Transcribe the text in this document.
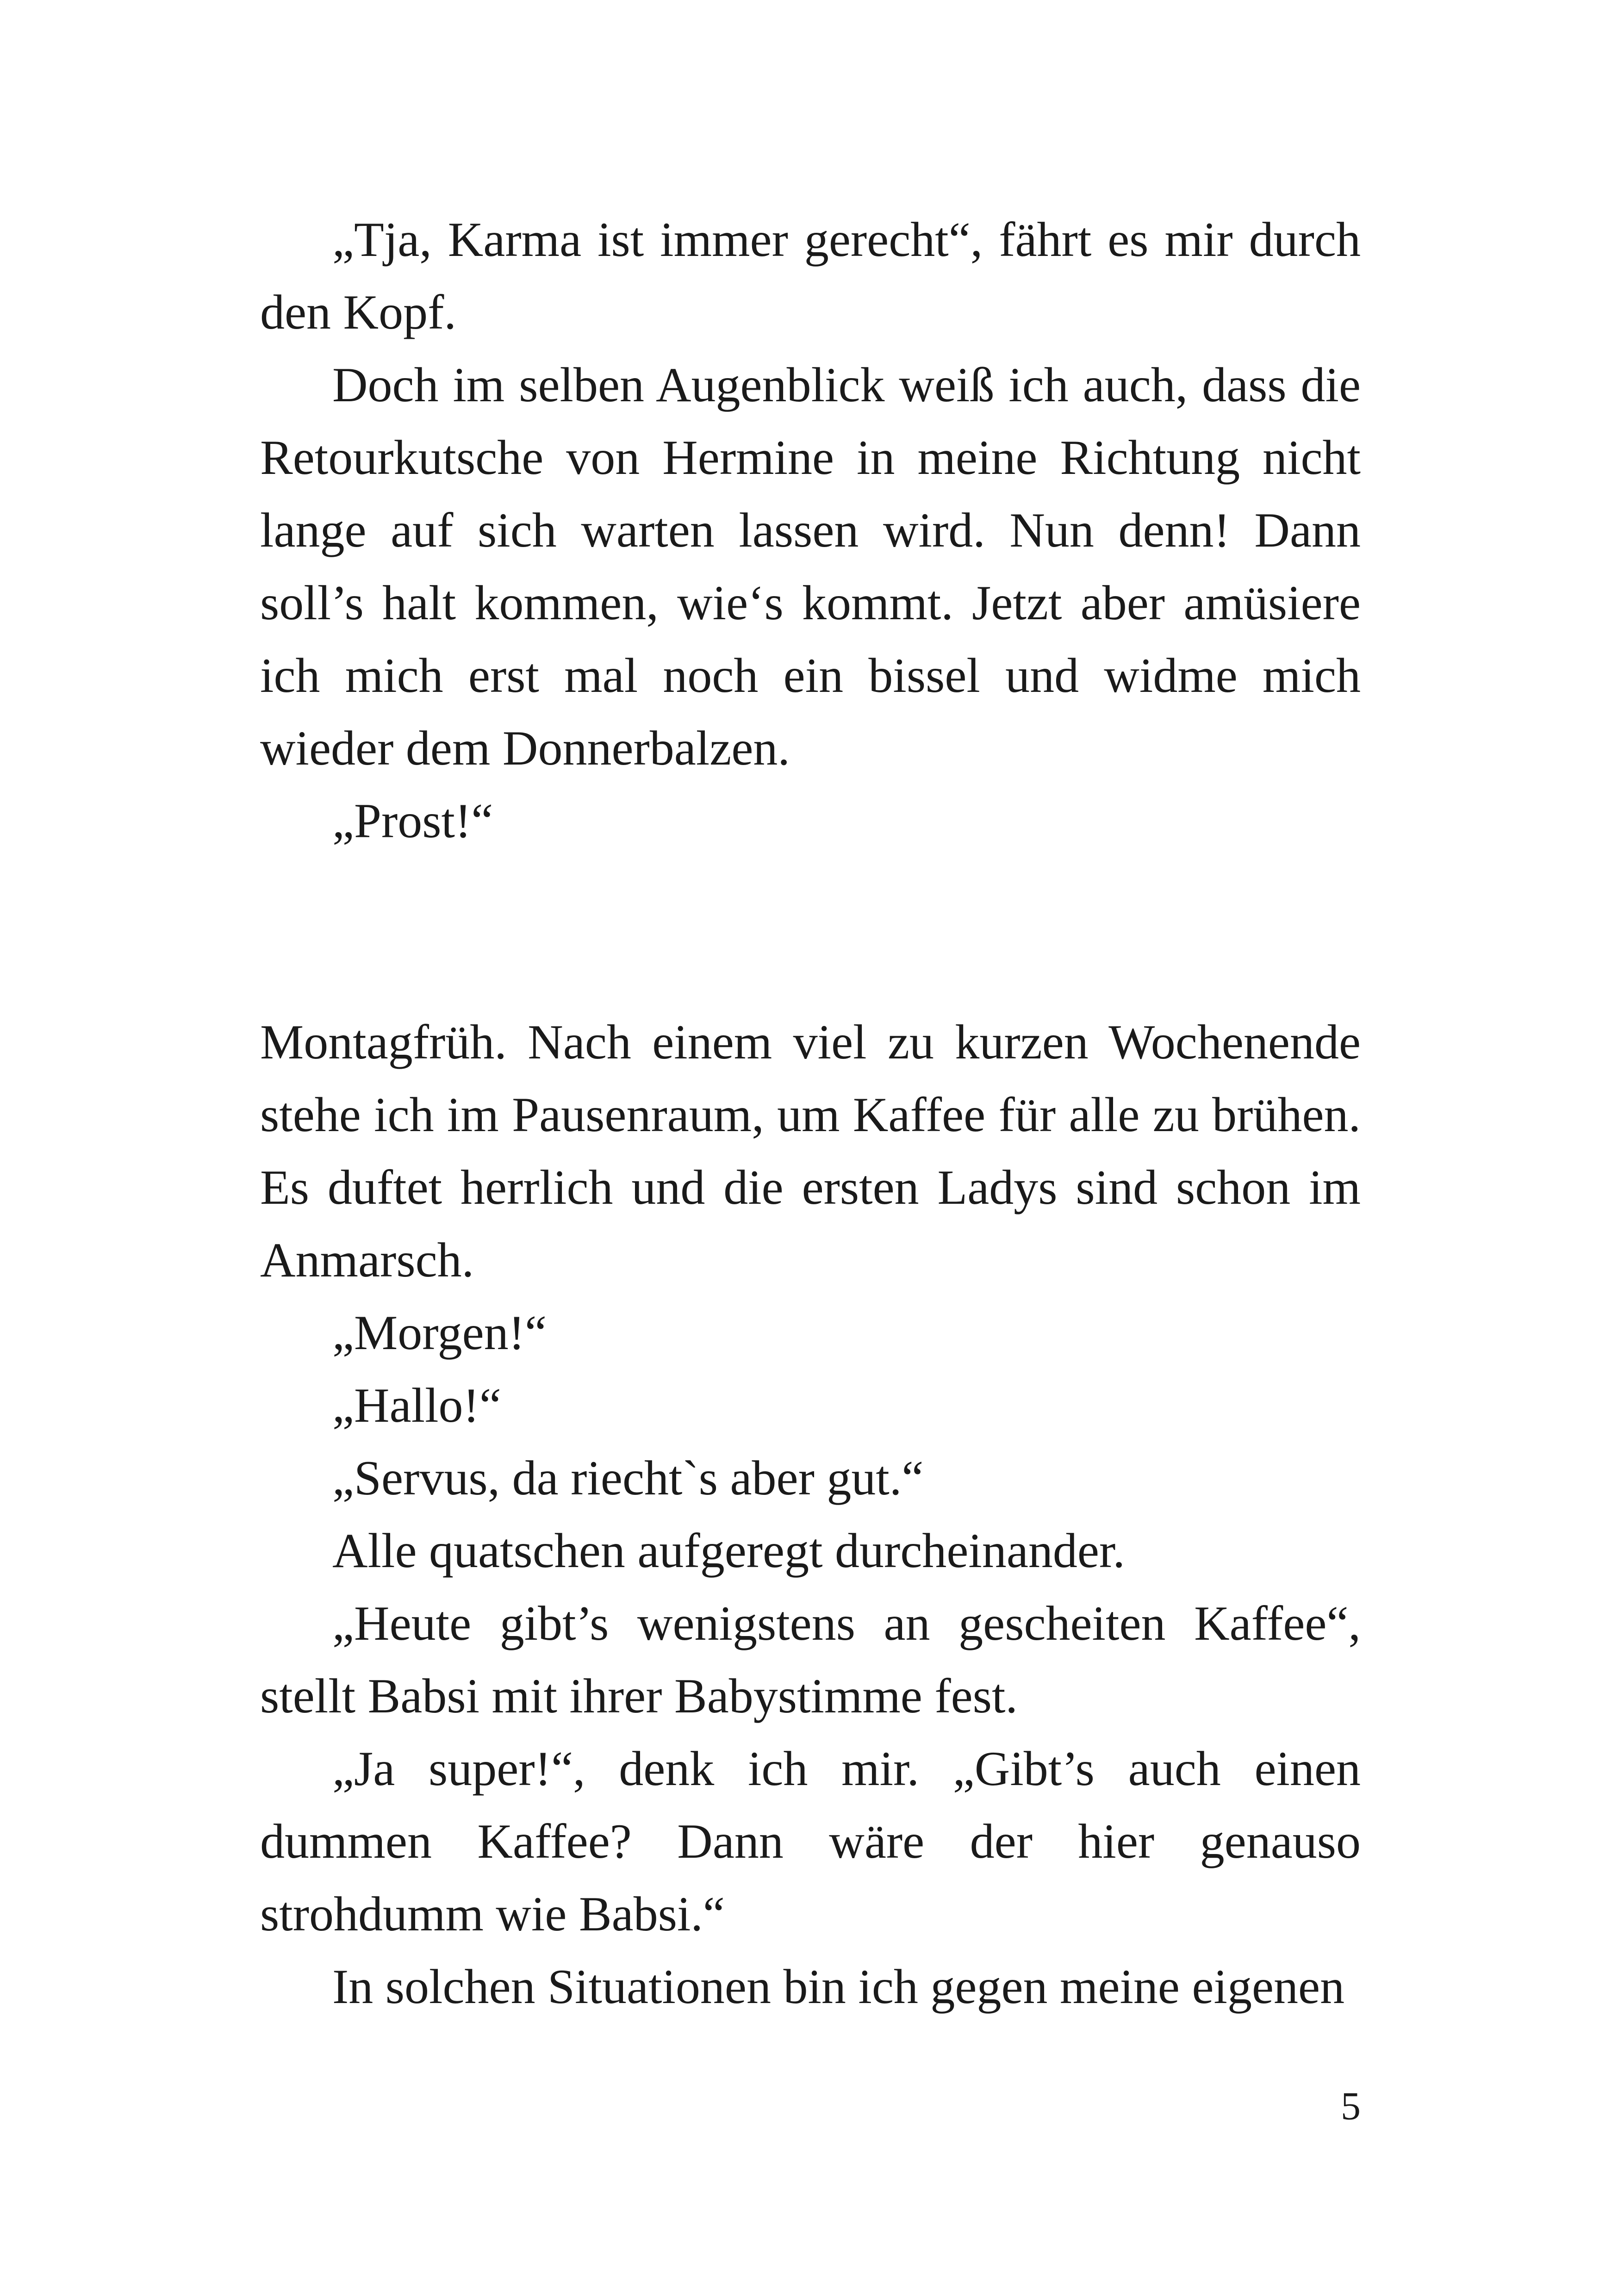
„Tja, Karma ist immer gerecht“, fährt es mir durch den Kopf.

Doch im selben Augenblick weiß ich auch, dass die Retourkutsche von Hermine in meine Richtung nicht lange auf sich warten lassen wird. Nun denn! Dann soll’s halt kommen, wie‘s kommt. Jetzt aber amüsiere ich mich erst mal noch ein bissel und widme mich wieder dem Donnerbalzen.

„Prost!“

Montagfrüh. Nach einem viel zu kurzen Wochenende stehe ich im Pausenraum, um Kaffee für alle zu brühen. Es duftet herrlich und die ersten Ladys sind schon im Anmarsch.

„Morgen!“

„Hallo!“

„Servus, da riecht`s aber gut.“

Alle quatschen aufgeregt durcheinander.

„Heute gibt’s wenigstens an gescheiten Kaffee“, stellt Babsi mit ihrer Babystimme fest.

„Ja super!“, denk ich mir. „Gibt’s auch einen dummen Kaffee? Dann wäre der hier genauso strohdumm wie Babsi.“

In solchen Situationen bin ich gegen meine eigenen

5
